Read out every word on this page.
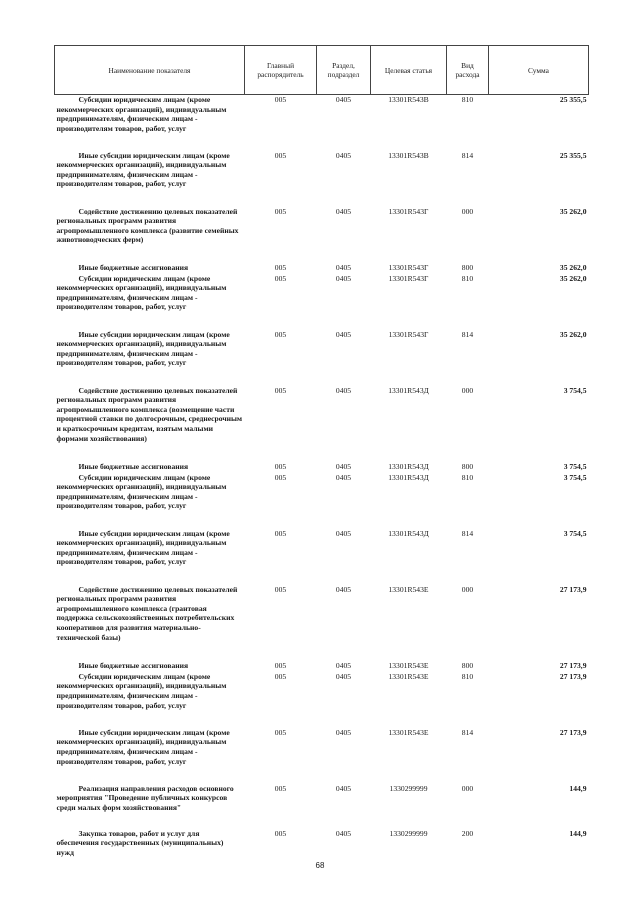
Наименование показателя	Главный распорядитель	Раздел, подраздел	Целевая статья	Вид расхода	Сумма
Субсидии юридическим лицам (кроме некоммерческих организаций), индивидуальным предпринимателям, физическим лицам - производителям товаров, работ, услуг	005	0405	13301R543В	810	25 355,5
Иные субсидии юридическим лицам (кроме некоммерческих организаций), индивидуальным предпринимателям, физическим лицам - производителям товаров, работ, услуг	005	0405	13301R543В	814	25 355,5
Содействие достижению целевых показателей региональных программ развития агропромышленного комплекса (развитие семейных животноводческих ферм)	005	0405	13301R543Г	000	35 262,0
Иные бюджетные ассигнования	005	0405	13301R543Г	800	35 262,0
Субсидии юридическим лицам (кроме некоммерческих организаций), индивидуальным предпринимателям, физическим лицам - производителям товаров, работ, услуг	005	0405	13301R543Г	810	35 262,0
Иные субсидии юридическим лицам (кроме некоммерческих организаций), индивидуальным предпринимателям, физическим лицам - производителям товаров, работ, услуг	005	0405	13301R543Г	814	35 262,0
Содействие достижению целевых показателей региональных программ развития агропромышленного комплекса (возмещение части процентной ставки по долгосрочным, среднесрочным и краткосрочным кредитам, взятым малыми формами хозяйствования)	005	0405	13301R543Д	000	3 754,5
Иные бюджетные ассигнования	005	0405	13301R543Д	800	3 754,5
Субсидии юридическим лицам (кроме некоммерческих организаций), индивидуальным предпринимателям, физическим лицам - производителям товаров, работ, услуг	005	0405	13301R543Д	810	3 754,5
Иные субсидии юридическим лицам (кроме некоммерческих организаций), индивидуальным предпринимателям, физическим лицам - производителям товаров, работ, услуг	005	0405	13301R543Д	814	3 754,5
Содействие достижению целевых показателей региональных программ развития агропромышленного комплекса (грантовая поддержка сельскохозяйственных потребительских кооперативов для развития материально-технической базы)	005	0405	13301R543Е	000	27 173,9
Иные бюджетные ассигнования	005	0405	13301R543Е	800	27 173,9
Субсидии юридическим лицам (кроме некоммерческих организаций), индивидуальным предпринимателям, физическим лицам - производителям товаров, работ, услуг	005	0405	13301R543Е	810	27 173,9
Иные субсидии юридическим лицам (кроме некоммерческих организаций), индивидуальным предпринимателям, физическим лицам - производителям товаров, работ, услуг	005	0405	13301R543Е	814	27 173,9
Реализация направления расходов основного мероприятия "Проведение публичных конкурсов среди малых форм хозяйствования"	005	0405	1330299999	000	144,9
Закупка товаров, работ и услуг для обеспечения государственных (муниципальных) нужд	005	0405	1330299999	200	144,9
68
